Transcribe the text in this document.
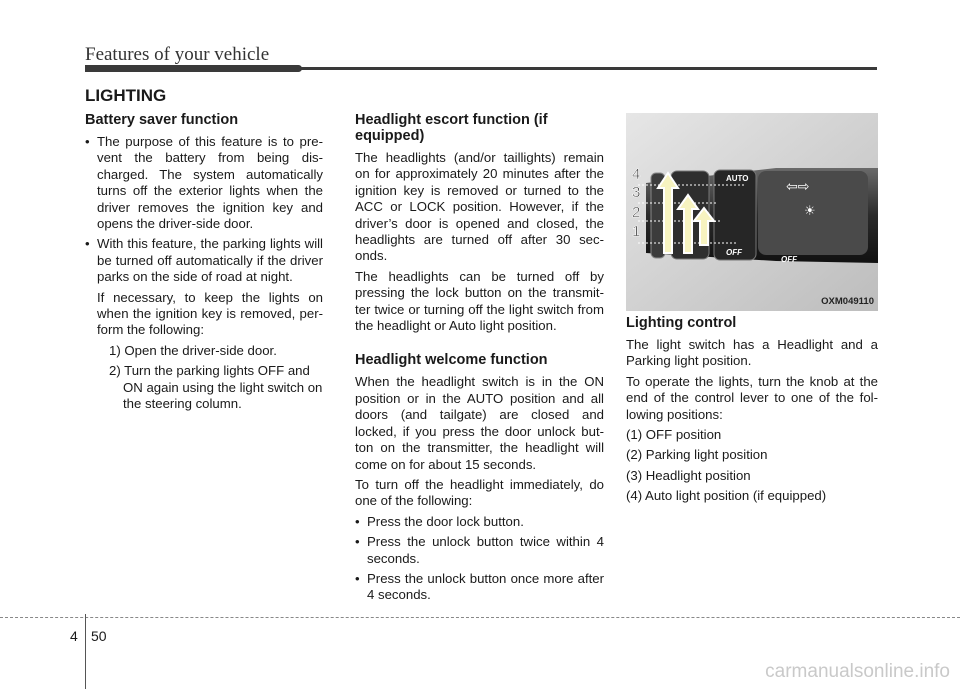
Features of your vehicle
LIGHTING
Battery saver function
• The purpose of this feature is to pre-vent the battery from being dis-charged. The system automatically turns off the exterior lights when the driver removes the ignition key and opens the driver-side door.
• With this feature, the parking lights will be turned off automatically if the driver parks on the side of road at night.

If necessary, to keep the lights on when the ignition key is removed, per-form the following:

1) Open the driver-side door.
2) Turn the parking lights OFF and ON again using the light switch on the steering column.
Headlight escort function (if equipped)

The headlights (and/or taillights) remain on for approximately 20 minutes after the ignition key is removed or turned to the ACC or LOCK position. However, if the driver’s door is opened and closed, the headlights are turned off after 30 sec-onds.

The headlights can be turned off by pressing the lock button on the transmit-ter twice or turning off the light switch from the headlight or Auto light position.

Headlight welcome function

When the headlight switch is in the ON position or in the AUTO position and all doors (and tailgate) are closed and locked, if you press the door unlock but-ton on the transmitter, the headlight will come on for about 15 seconds.

To turn off the headlight immediately, do one of the following:

• Press the door lock button.
• Press the unlock button twice within 4 seconds.
• Press the unlock button once more after 4 seconds.
AUTO
OFF
OFF
⇦⇨
☀
4
3
2
1
OXM049110
Lighting control

The light switch has a Headlight and a Parking light position.

To operate the lights, turn the knob at the end of the control lever to one of the fol-lowing positions:

(1) OFF position

(2) Parking light position

(3) Headlight position

(4) Auto light position (if equipped)

4 50
carmanualsonline.info
